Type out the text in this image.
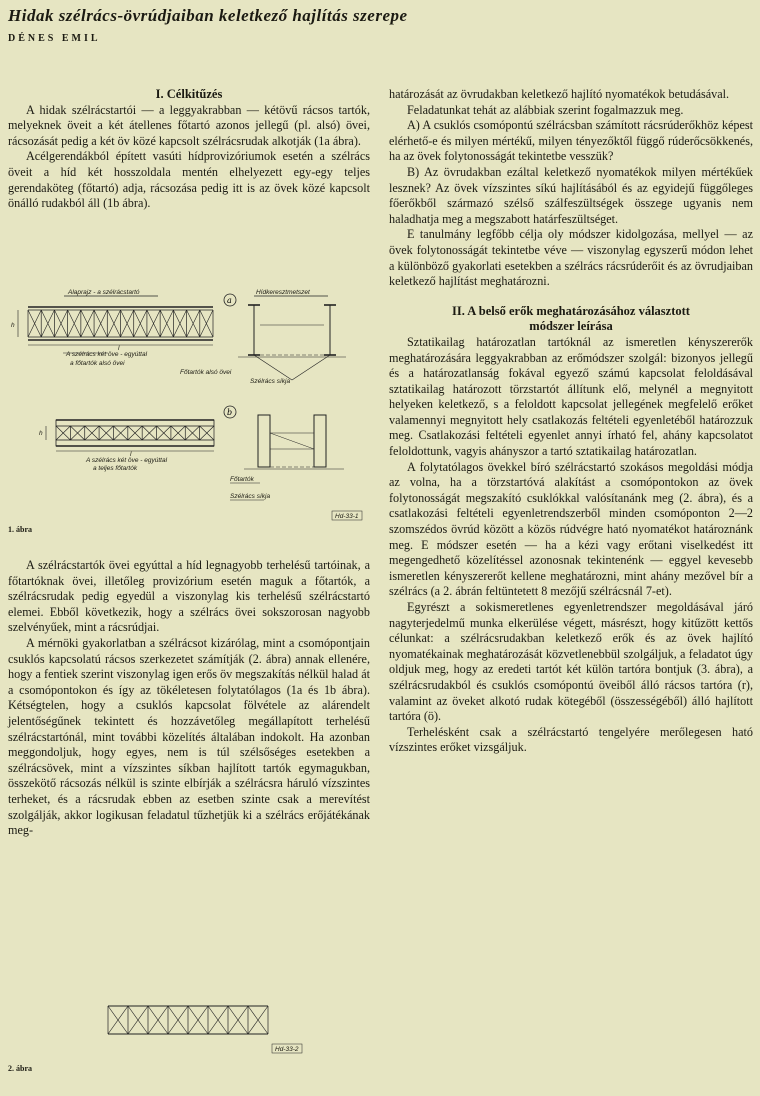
Hidak szélrács-övrúdjaiban keletkező hajlítás szerepe
DÉNES EMIL
I. Célkitűzés

A hidak szélrácstartói — a leggyakrabban — kétövű rácsos tartók, melyeknek öveit a két átellenes főtartó azonos jellegű (pl. alsó) övei, rácsozását pedig a két öv közé kapcsolt szélrácsrudak alkotják (1a ábra).

Acélgerendákból épített vasúti hídprovizóriumok esetén a szélrács öveit a híd két hosszoldala mentén elhelyezett egy-egy teljes gerendaköteg (főtartó) adja, rácsozása pedig itt is az övek közé kapcsolt önálló rudakból áll (1b ábra).

Alaprajz - a szélrácstartó	Hídkeresztmetszet
a
h
l
A szélrács két öve - egyúttal
a főtartók alsó övei
Főtartók alsó övei
Szélrács síkja
b
h
l
A szélrács két öve - egyúttal
a teljes főtartók
Főtartók
Szélrács síkja
Hd-33-1
1. ábra

A szélrácstartók övei egyúttal a híd legnagyobb terhelésű tartóinak, a főtartóknak övei, illetőleg provizórium esetén maguk a főtartók, a szélrácsrudak pedig egyedül a viszonylag kis terhelésű szélrácstartó elemei. Ebből következik, hogy a szélrács övei sokszorosan nagyobb szelvényűek, mint a rácsrúdjai.

A mérnöki gyakorlatban a szélrácsot kizárólag, mint a csomópontjain csuklós kapcsolatú rácsos szerkezetet számítják (2. ábra) annak ellenére, hogy a fentiek szerint viszonylag igen erős öv megszakítás nélkül halad át a csomópontokon és így az tökéletesen folytatólagos (1a és 1b ábra). Kétségtelen, hogy a csuklós kapcsolat fölvétele az alárendelt jelentőségűnek tekintett és hozzávetőleg megállapított terhelésű szélrácstartónál, mint további közelítés általában indokolt. Ha azonban meggondoljuk, hogy egyes, nem is túl szélsőséges esetekben a szélrácsövek, mint a vízszintes síkban hajlított tartók egymagukban, összekötő rácsozás nélkül is szinte elbírják a szélrácsra háruló vízszintes terheket, és a rácsrudak ebben az esetben szinte csak a merevítést szolgálják, akkor logikusan feladatul tűzhetjük ki a szélrács erőjátékának meg-

Hd-33-2
2. ábra

határozását az övrudakban keletkező hajlító nyomatékok betudásával.

Feladatunkat tehát az alábbiak szerint fogalmazzuk meg.

A) A csuklós csomópontú szélrácsban számított rácsrúderőkhöz képest elérhető-e és milyen mértékű, milyen tényezőktől függő rúderőcsökkenés, ha az övek folytonosságát tekintetbe vesszük?

B) Az övrudakban ezáltal keletkező nyomatékok milyen mértékűek lesznek? Az övek vízszintes síkú hajlításából és az egyidejű függőleges főerőkből származó szélső szálfeszültségek összege ugyanis nem haladhatja meg a megszabott határfeszültséget.

E tanulmány legfőbb célja oly módszer kidolgozása, mellyel — az övek folytonosságát tekintetbe véve — viszonylag egyszerű módon lehet a különböző gyakorlati esetekben a szélrács rácsrúderőit és az övrudjaiban keletkező hajlítást meghatározni.

II. A belső erők meghatározásához választott
módszer leírása

Sztatikailag határozatlan tartóknál az ismeretlen kényszererők meghatározására leggyakrabban az erőmódszer szolgál: bizonyos jellegű és a határozatlanság fokával egyező számú kapcsolat feloldásával sztatikailag határozott törzstartót állítunk elő, melynél a megnyitott helyeken keletkező, s a feloldott kapcsolat jellegének megfelelő erőket valamennyi megnyitott hely csatlakozás feltételi egyenletéből határozzuk meg. Csatlakozási feltételi egyenlet annyi írható fel, ahány kapcsolatot feloldottunk, vagyis ahányszor a tartó sztatikailag határozatlan.

A folytatólagos övekkel bíró szélrácstartó szokásos megoldási módja az volna, ha a törzstartóvá alakítást a csomópontokon az övek folytonosságát megszakító csuklókkal valósítanánk meg (2. ábra), és a csatlakozási feltételi egyenletrendszerből minden csomóponton 2—2 szomszédos övrúd között a közös rúdvégre ható nyomatékot határoznánk meg. E módszer esetén — ha a kézi vagy erőtani viselkedést itt megengedhető közelítéssel azonosnak tekintenénk — eggyel kevesebb ismeretlen kényszererőt kellene meghatározni, mint ahány mezővel bír a szélrács (a 2. ábrán feltüntetett 8 mezőjű szélrácsnál 7-et).

Egyrészt a sokismeretlenes egyenletrendszer megoldásával járó nagyterjedelmű munka elkerülése végett, másrészt, hogy kitűzött kettős célunkat: a szélrácsrudakban keletkező erők és az övek hajlító nyomatékainak meghatározását közvetlenebbül szolgáljuk, a feladatot úgy oldjuk meg, hogy az eredeti tartót két külön tartóra bontjuk (3. ábra), a szélrácsrudakból és csuklós csomópontú öveiből álló rácsos tartóra (r), valamint az öveket alkotó rudak kötegéből (összességéből) álló hajlított tartóra (ö).

Terhelésként csak a szélrácstartó tengelyére merőlegesen ható vízszintes erőket vizsgáljuk.
